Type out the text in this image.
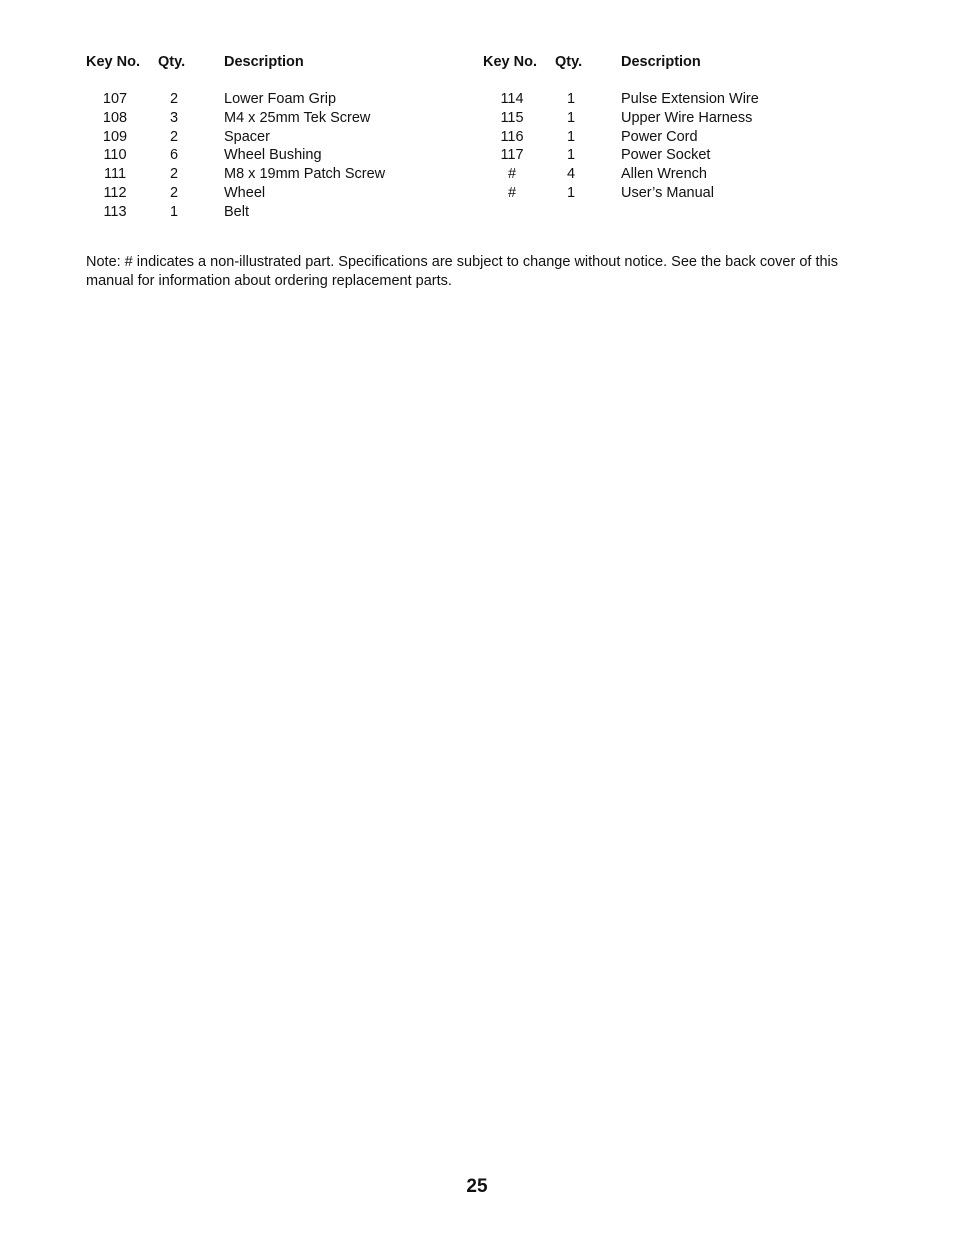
Key No.	Qty.	Description
107	2	Lower Foam Grip
108	3	M4 x 25mm Tek Screw
109	2	Spacer
110	6	Wheel Bushing
111	2	M8 x 19mm Patch Screw
112	2	Wheel
113	1	Belt
Key No.	Qty.	Description
114	1	Pulse Extension Wire
115	1	Upper Wire Harness
116	1	Power Cord
117	1	Power Socket
#	4	Allen Wrench
#	1	User’s Manual

Note: # indicates a non-illustrated part. Specifications are subject to change without notice. See the back cover of this manual for information about ordering replacement parts.

25
